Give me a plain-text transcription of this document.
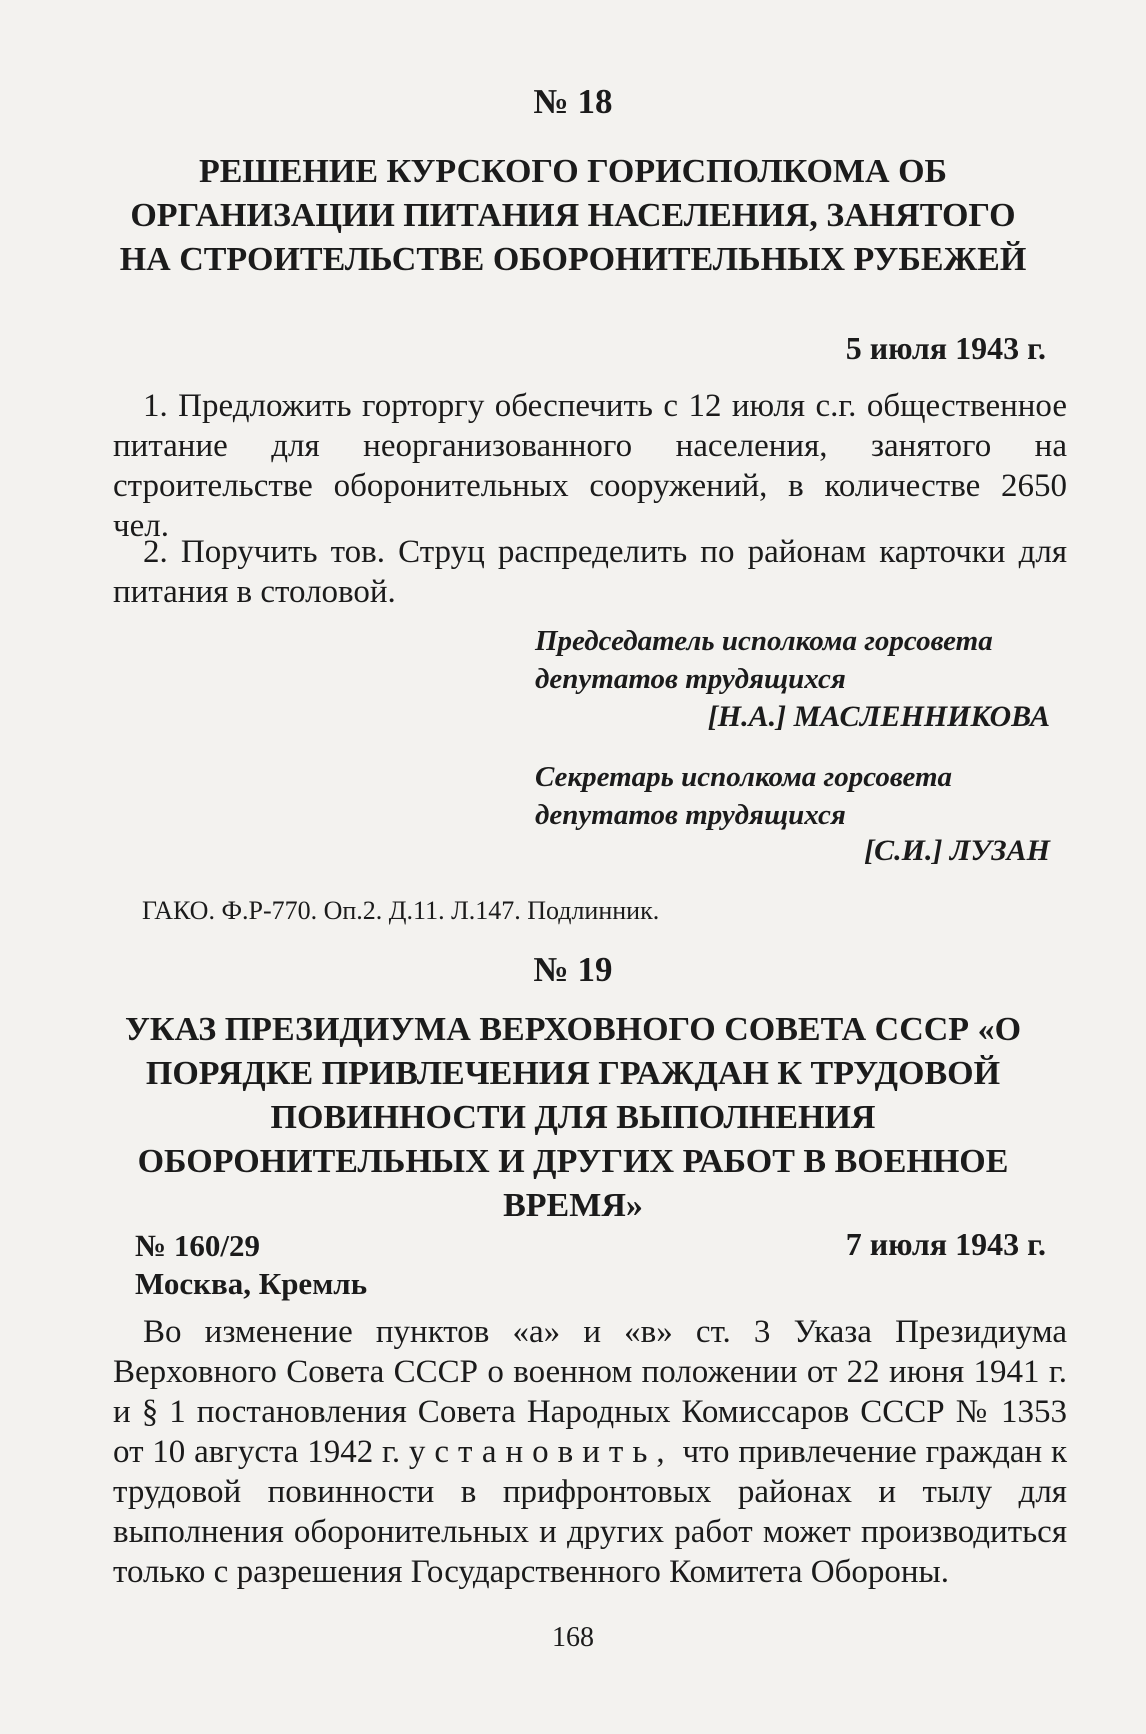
№ 18
РЕШЕНИЕ КУРСКОГО ГОРИСПОЛКОМА ОБ ОРГАНИЗАЦИИ ПИТАНИЯ НАСЕЛЕНИЯ, ЗАНЯТОГО НА СТРОИТЕЛЬСТВЕ ОБОРОНИТЕЛЬНЫХ РУБЕЖЕЙ
5 июля 1943 г.
1. Предложить горторгу обеспечить с 12 июля с.г. общественное питание для неорганизованного населения, занятого на строительстве оборонительных сооружений, в количестве 2650 чел.
2. Поручить тов. Струц распределить по районам карточки для питания в столовой.
Председатель исполкома горсовета депутатов трудящихся
[Н.А.] МАСЛЕННИКОВА
Секретарь исполкома горсовета депутатов трудящихся
[С.И.] ЛУЗАН
ГАКО. Ф.Р-770. Оп.2. Д.11. Л.147. Подлинник.
№ 19
УКАЗ ПРЕЗИДИУМА ВЕРХОВНОГО СОВЕТА СССР «О ПОРЯДКЕ ПРИВЛЕЧЕНИЯ ГРАЖДАН К ТРУДОВОЙ ПОВИННОСТИ ДЛЯ ВЫПОЛНЕНИЯ ОБОРОНИТЕЛЬНЫХ И ДРУГИХ РАБОТ В ВОЕННОЕ ВРЕМЯ»
№ 160/29	7 июля 1943 г.
Москва, Кремль
Во изменение пунктов «а» и «в» ст. 3 Указа Президиума Верховного Совета СССР о военном положении от 22 июня 1941 г. и § 1 постановления Совета Народных Комиссаров СССР № 1353 от 10 августа 1942 г. установить, что привлечение граждан к трудовой повинности в прифронтовых районах и тылу для выполнения оборонительных и других работ может производиться только с разрешения Государственного Комитета Обороны.
168
